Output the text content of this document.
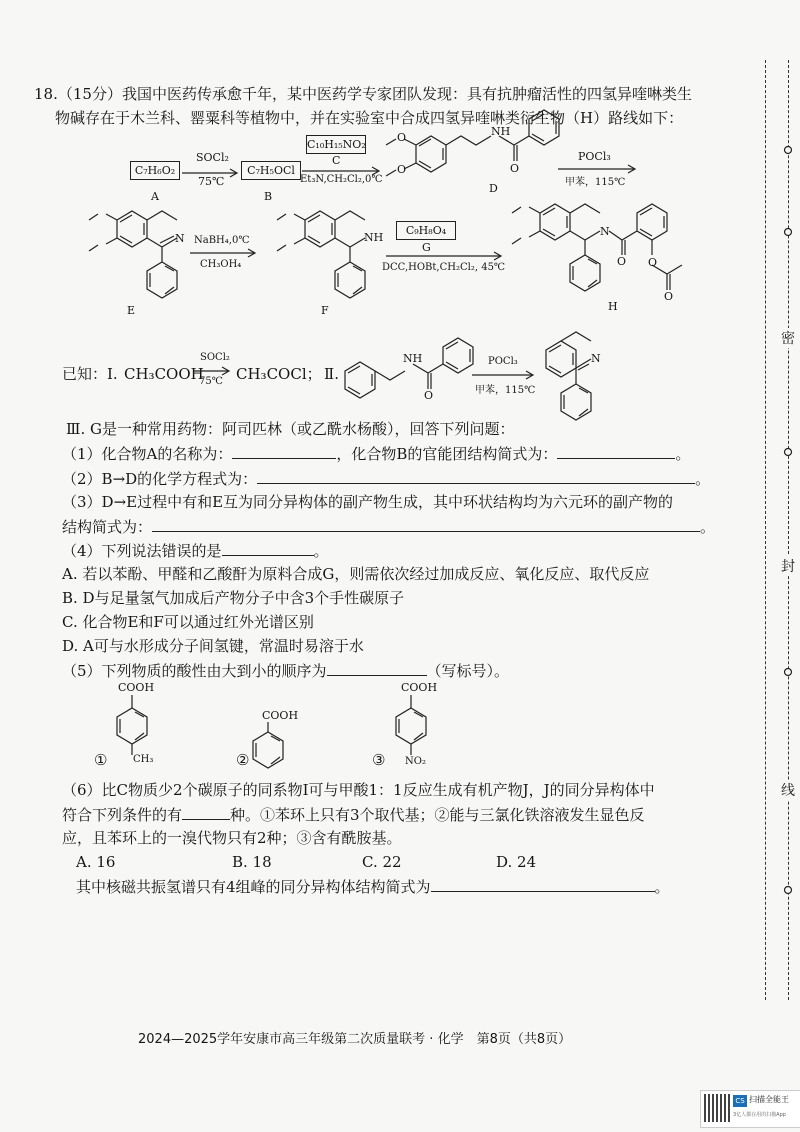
18.（15分）我国中医药传承愈千年，某中医药学专家团队发现：具有抗肿瘤活性的四氢异喹啉类生
物碱存在于木兰科、罂粟科等植物中，并在实验室中合成四氢异喹啉类衍生物（H）路线如下：
C₇H₆O₂
A
SOCl₂
75℃
C₇H₅OCl
B
C₁₀H₁₅NO₂
C
Et₃N,CH₂Cl₂,0℃
O
O
NH
O
D
POCl₃
甲苯，115℃
N
E
NH
F
N
O O
O
H
NaBH₄,0℃
CH₃OH₄
C₉H₈O₄
G
DCC,HOBt,CH₂Cl₂, 45℃
已知：Ⅰ. CH₃COOH
SOCl₂
75℃ CH₃COCl； Ⅱ.
NH
O
N
POCl₃
甲苯，115℃
Ⅲ. G是一种常用药物：阿司匹林（或乙酰水杨酸），回答下列问题：
（1）化合物A的名称为：	，化合物B的官能团结构简式为：	。
（2）B→D的化学方程式为：	。
（3）D→E过程中有和E互为同分异构体的副产物生成，其中环状结构均为六元环的副产物的
结构简式为：	。
（4）下列说法错误的是	。
A. 若以苯酚、甲醛和乙酸酐为原料合成G，则需依次经过加成反应、氧化反应、取代反应
B. D与足量氢气加成后产物分子中含3个手性碳原子
C. 化合物E和F可以通过红外光谱区别
D. A可与水形成分子间氢键，常温时易溶于水
（5）下列物质的酸性由大到小的顺序为	（写标号）。
COOH
①	CH₃
COOH
②
COOH
③ NO₂
（6）比C物质少2个碳原子的同系物I可与甲酸1：1反应生成有机产物J，J的同分异构体中
符合下列条件的有	种。①苯环上只有3个取代基；②能与三氯化铁溶液发生显色反
应，且苯环上的一溴代物只有2种；③含有酰胺基。
A. 16	B. 18	C. 22	D. 24
其中核磁共振氢谱只有4组峰的同分异构体结构简式为	。
密
封
线
2024—2025学年安康市高三年级第二次质量联考 · 化学　第8页（共8页）
CS 扫描全能王
3亿人都在用的扫描App
